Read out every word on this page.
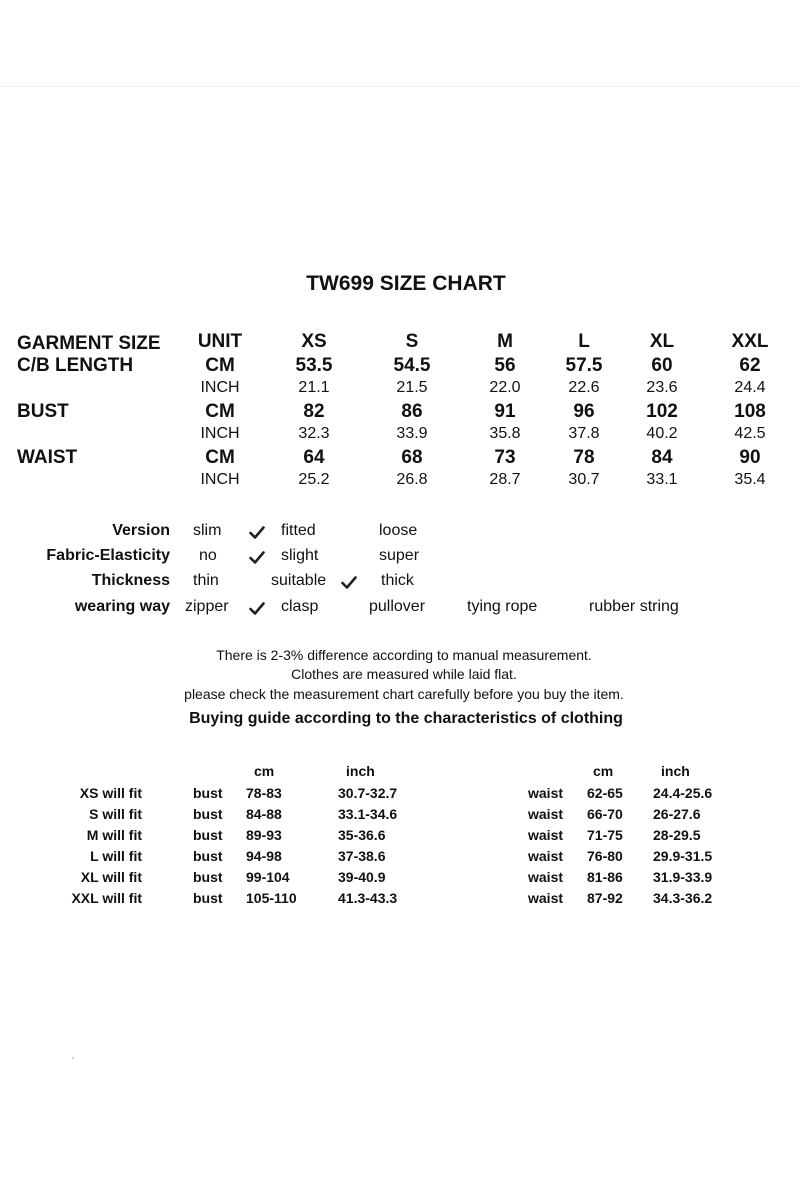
TW699 SIZE CHART
GARMENT SIZE UNIT	XS	S	M	L	XL	XXL
C/B LENGTH	CM	53.5	54.5	56	57.5	60	62
INCH	21.1	21.5	22.0	22.6	23.6	24.4
BUST	CM	82	86	91	96	102	108
INCH	32.3	33.9	35.8	37.8	40.2	42.5
WAIST	CM	64	68	73	78	84	90
INCH	25.2	26.8	28.7	30.7	33.1	35.4
Version slim	fitted	loose
Fabric-Elasticity no	slight	super
Thickness thin	suitable	thick
wearing way zipper	clasp	pullover	tying rope	rubber string
There is 2-3% difference according to manual measurement.
Clothes are measured while laid flat.
please check the measurement chart carefully before you buy the item.
Buying guide according to the characteristics of clothing
cm	inch	cm	inch
XS will fit	bust 78-83	30.7-32.7	waist 62-65 24.4-25.6
S will fit	bust 84-88	33.1-34.6	waist 66-70 26-27.6
M will fit	bust 89-93	35-36.6	waist 71-75 28-29.5
L will fit	bust 94-98	37-38.6	waist 76-80 29.9-31.5
XL will fit	bust 99-104	39-40.9	waist 81-86 31.9-33.9
XXL will fit	bust 105-110	41.3-43.3	waist 87-92 34.3-36.2
